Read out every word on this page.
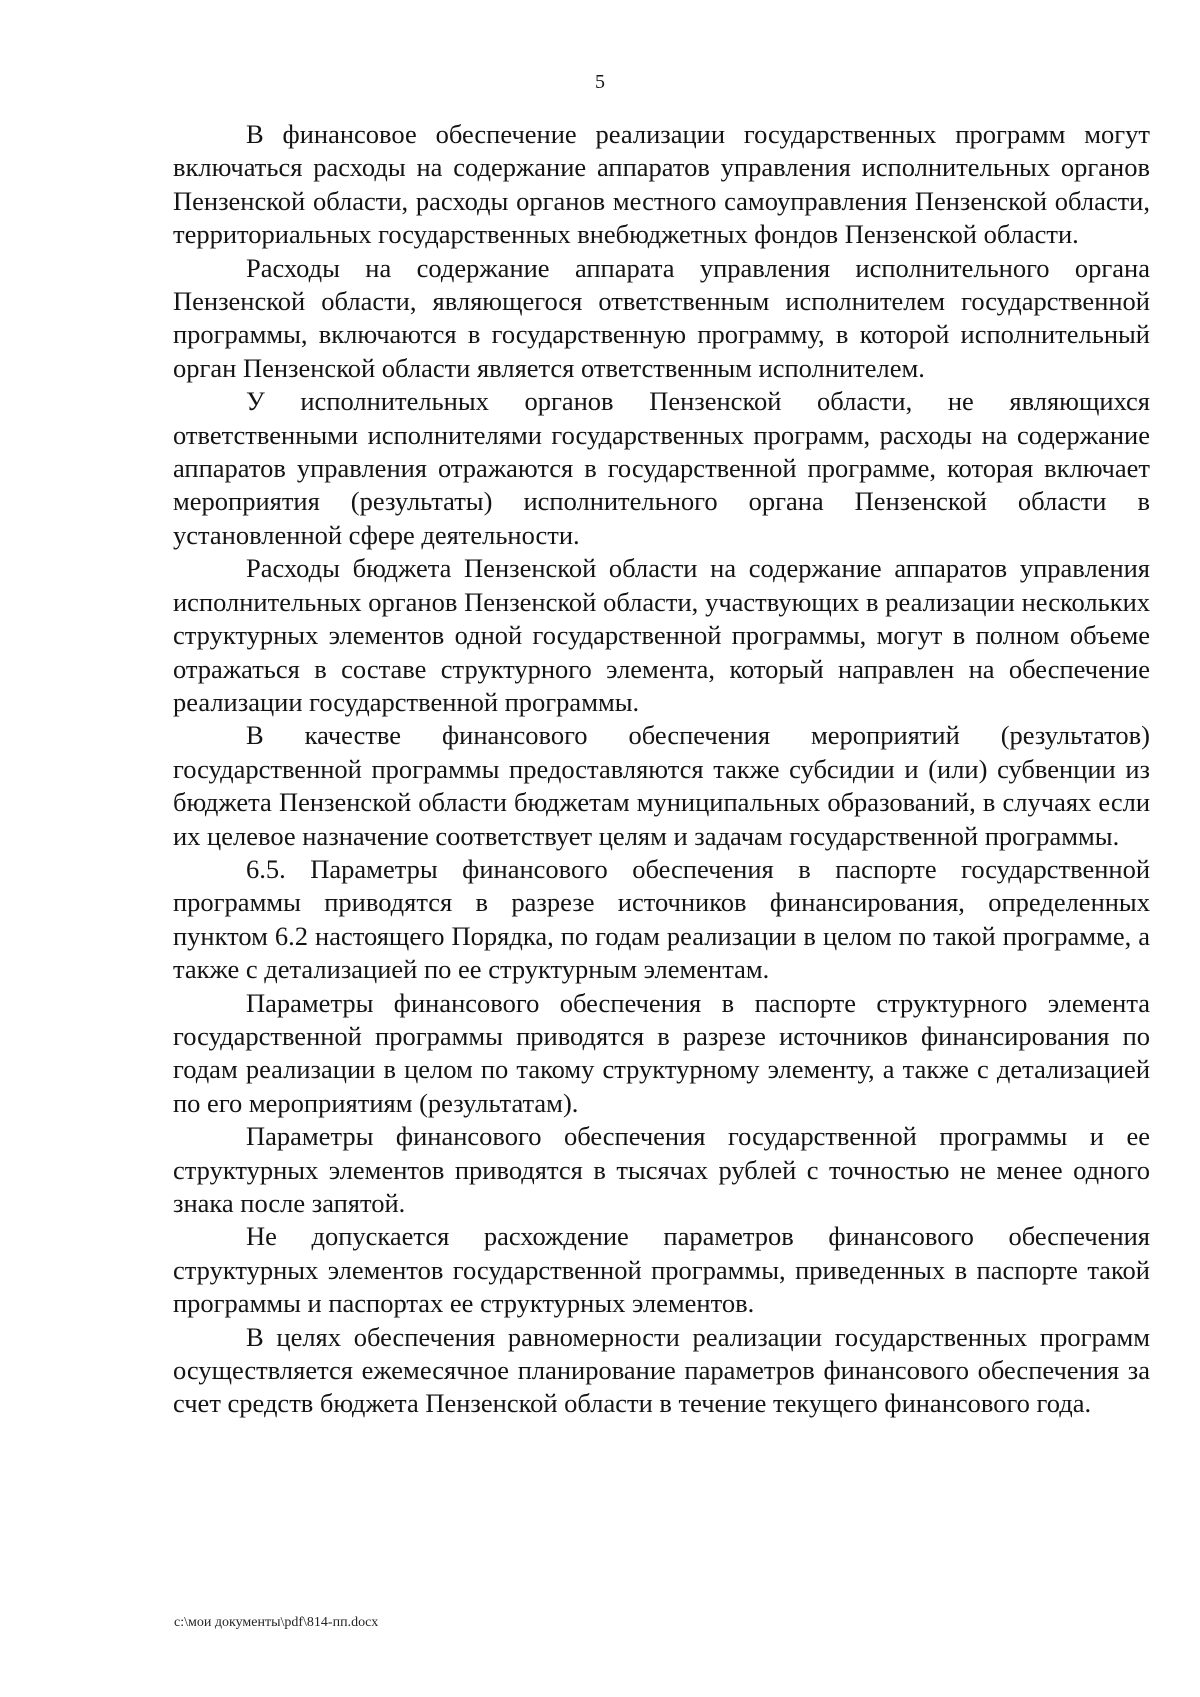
5

В финансовое обеспечение реализации государственных программ могут включаться расходы на содержание аппаратов управления исполнительных органов Пензенской области, расходы органов местного самоуправления Пензенской области, территориальных государственных внебюджетных фондов Пензенской области.

Расходы на содержание аппарата управления исполнительного органа Пензенской области, являющегося ответственным исполнителем государственной программы, включаются в государственную программу, в которой исполнительный орган Пензенской области является ответственным исполнителем.

У исполнительных органов Пензенской области, не являющихся ответственными исполнителями государственных программ, расходы на содержание аппаратов управления отражаются в государственной программе, которая включает мероприятия (результаты) исполнительного органа Пензенской области в установленной сфере деятельности.

Расходы бюджета Пензенской области на содержание аппаратов управления исполнительных органов Пензенской области, участвующих в реализации нескольких структурных элементов одной государственной программы, могут в полном объеме отражаться в составе структурного элемента, который направлен на обеспечение реализации государственной программы.

В качестве финансового обеспечения мероприятий (результатов) государственной программы предоставляются также субсидии и (или) субвенции из бюджета Пензенской области бюджетам муниципальных образований, в случаях если их целевое назначение соответствует целям и задачам государственной программы.

6.5. Параметры финансового обеспечения в паспорте государственной программы приводятся в разрезе источников финансирования, определенных пунктом 6.2 настоящего Порядка, по годам реализации в целом по такой программе, а также с детализацией по ее структурным элементам.

Параметры финансового обеспечения в паспорте структурного элемента государственной программы приводятся в разрезе источников финансирования по годам реализации в целом по такому структурному элементу, а также с детализацией по его мероприятиям (результатам).

Параметры финансового обеспечения государственной программы и ее структурных элементов приводятся в тысячах рублей с точностью не менее одного знака после запятой.

Не допускается расхождение параметров финансового обеспечения структурных элементов государственной программы, приведенных в паспорте такой программы и паспортах ее структурных элементов.

В целях обеспечения равномерности реализации государственных программ осуществляется ежемесячное планирование параметров финансового обеспечения за счет средств бюджета Пензенской области в течение текущего финансового года.

c:\мои документы\pdf\814-пп.docx
